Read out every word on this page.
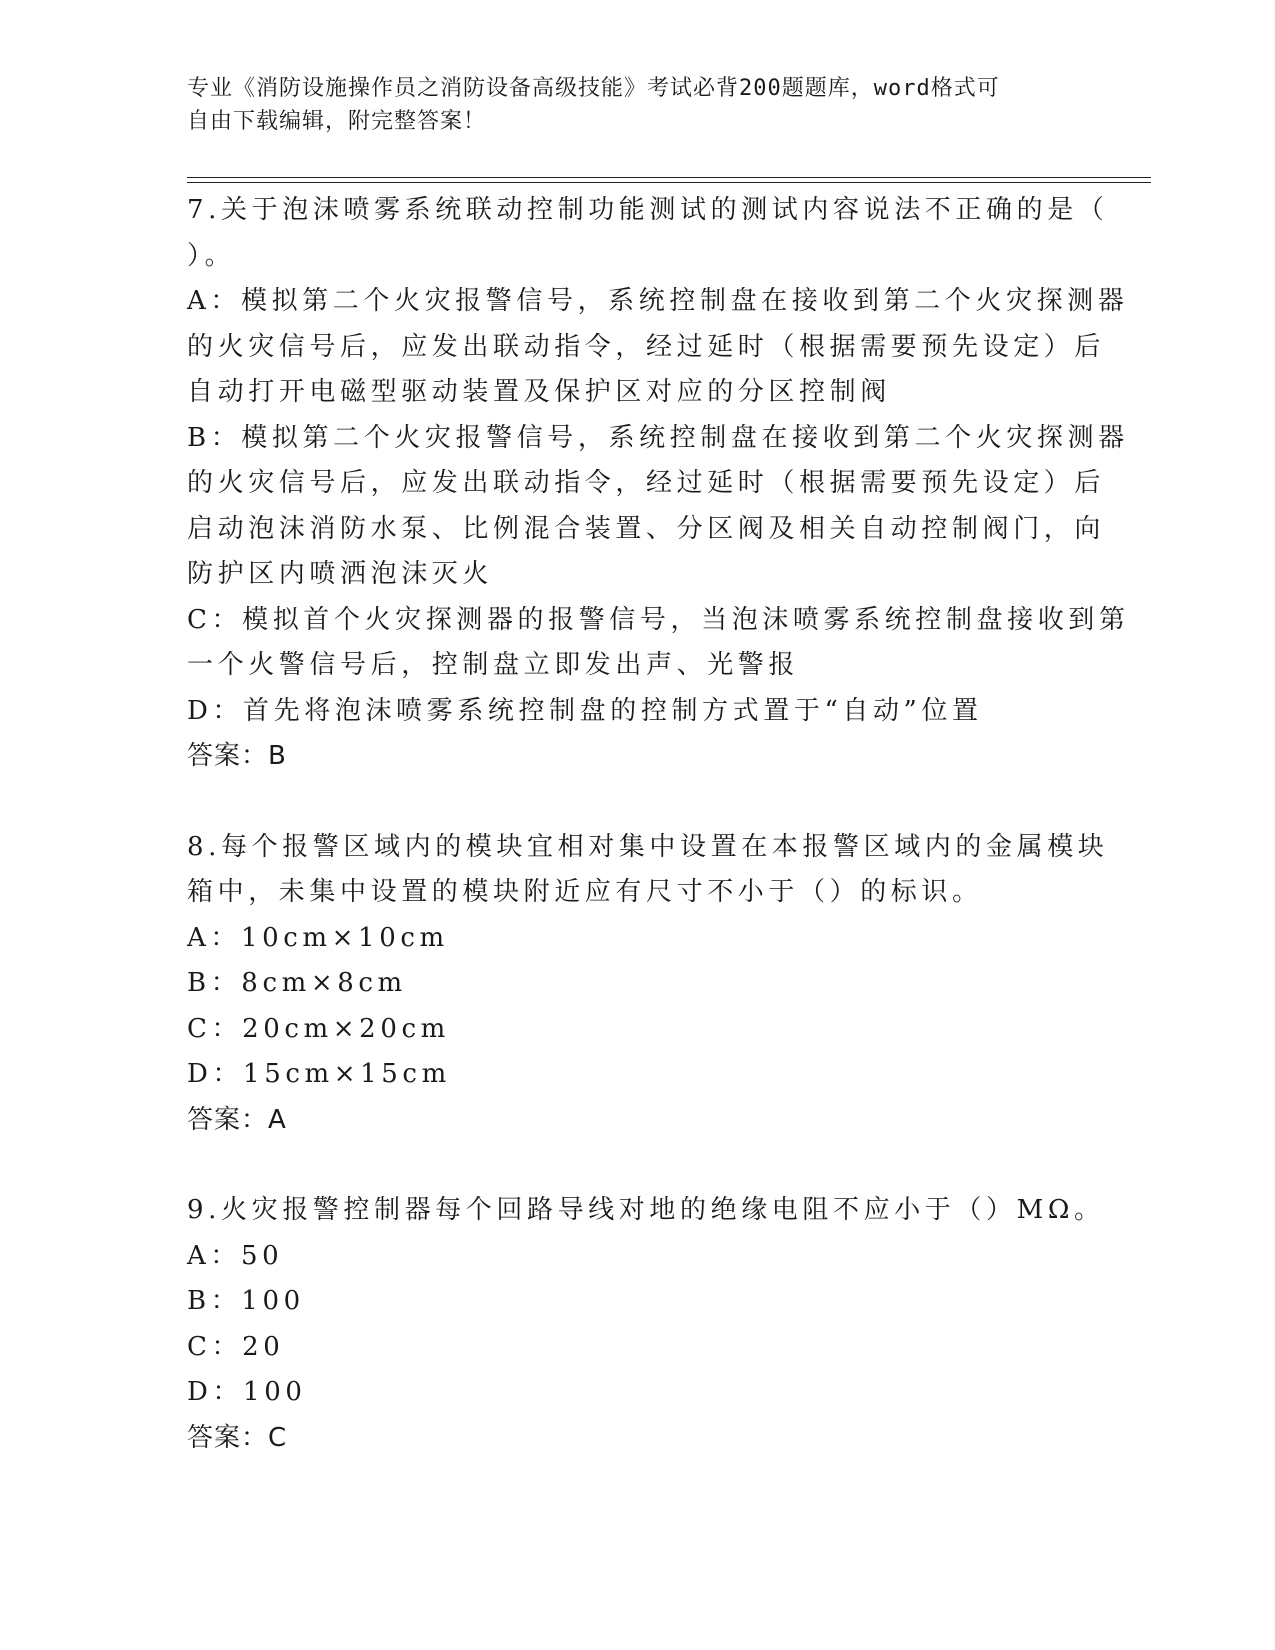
专业《消防设施操作员之消防设备高级技能》考试必背200题题库，word格式可
自由下载编辑，附完整答案！
7.关于泡沫喷雾系统联动控制功能测试的测试内容说法不正确的是（
）。
A：模拟第二个火灾报警信号，系统控制盘在接收到第二个火灾探测器
的火灾信号后，应发出联动指令，经过延时（根据需要预先设定）后
自动打开电磁型驱动装置及保护区对应的分区控制阀
B：模拟第二个火灾报警信号，系统控制盘在接收到第二个火灾探测器
的火灾信号后，应发出联动指令，经过延时（根据需要预先设定）后
启动泡沫消防水泵、比例混合装置、分区阀及相关自动控制阀门，向
防护区内喷洒泡沫灭火
C：模拟首个火灾探测器的报警信号，当泡沫喷雾系统控制盘接收到第
一个火警信号后，控制盘立即发出声、光警报
D：首先将泡沫喷雾系统控制盘的控制方式置于“自动”位置
答案：B
8.每个报警区域内的模块宜相对集中设置在本报警区域内的金属模块
箱中，未集中设置的模块附近应有尺寸不小于（）的标识。
A：10cm×10cm
B：8cm×8cm
C：20cm×20cm
D：15cm×15cm
答案：A
9.火灾报警控制器每个回路导线对地的绝缘电阻不应小于（）MΩ。
A：50
B：100
C：20
D：100
答案：C
